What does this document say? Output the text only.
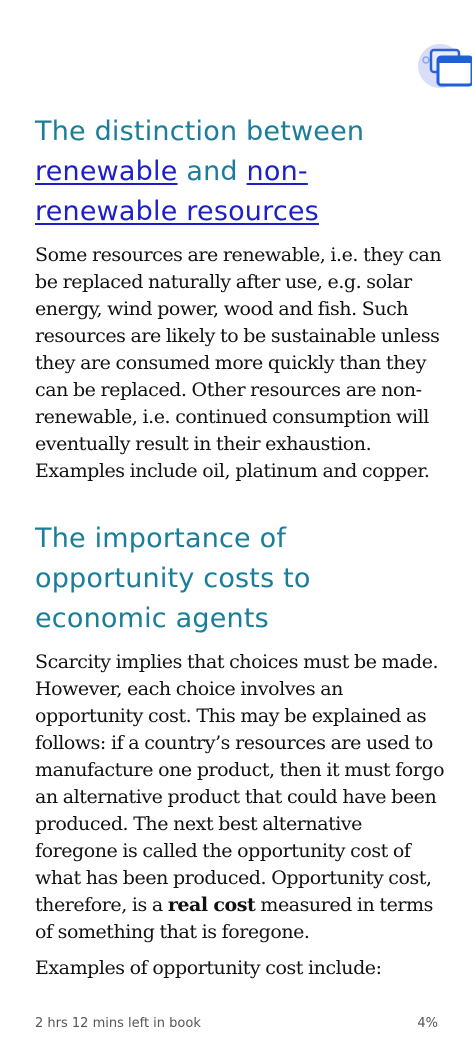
The distinction between
renewable and non-renewable resources

Some resources are renewable, i.e. they can be replaced naturally after use, e.g. solar energy, wind power, wood and fish. Such resources are likely to be sustainable unless they are consumed more quickly than they can be replaced. Other resources are non-renewable, i.e. continued consumption will eventually result in their exhaustion. Examples include oil, platinum and copper.

The importance of opportunity costs to economic agents

Scarcity implies that choices must be made. However, each choice involves an opportunity cost. This may be explained as follows: if a country’s resources are used to manufacture one product, then it must forgo an alternative product that could have been produced. The next best alternative foregone is called the opportunity cost of what has been produced. Opportunity cost, therefore, is a real cost measured in terms of something that is foregone.

Examples of opportunity cost include:

2 hrs 12 mins left in book	4%
